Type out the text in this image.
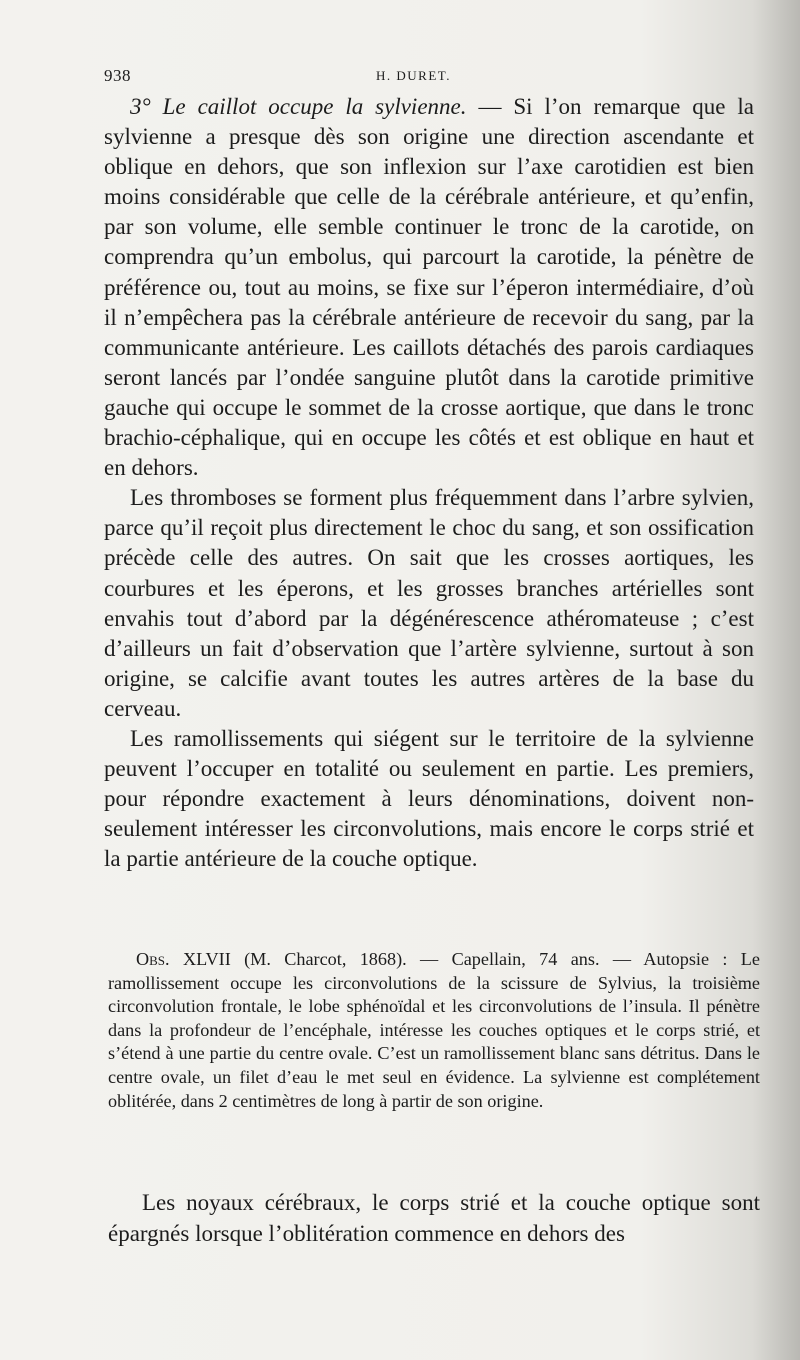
938	H. DURET.

3° Le caillot occupe la sylvienne. — Si l’on remarque que la sylvienne a presque dès son origine une direction ascendante et oblique en dehors, que son inflexion sur l’axe carotidien est bien moins considérable que celle de la cérébrale antérieure, et qu’enfin, par son volume, elle semble continuer le tronc de la carotide, on comprendra qu’un embolus, qui parcourt la carotide, la pénètre de préférence ou, tout au moins, se fixe sur l’éperon intermédiaire, d’où il n’empêchera pas la cérébrale antérieure de recevoir du sang, par la communicante antérieure. Les caillots détachés des parois cardiaques seront lancés par l’ondée sanguine plutôt dans la carotide primitive gauche qui occupe le sommet de la crosse aortique, que dans le tronc brachio-céphalique, qui en occupe les côtés et est oblique en haut et en dehors.

Les thromboses se forment plus fréquemment dans l’arbre sylvien, parce qu’il reçoit plus directement le choc du sang, et son ossification précède celle des autres. On sait que les crosses aortiques, les courbures et les éperons, et les grosses branches artérielles sont envahis tout d’abord par la dégénérescence athéromateuse ; c’est d’ailleurs un fait d’observation que l’artère sylvienne, surtout à son origine, se calcifie avant toutes les autres artères de la base du cerveau.

Les ramollissements qui siégent sur le territoire de la sylvienne peuvent l’occuper en totalité ou seulement en partie. Les premiers, pour répondre exactement à leurs dénominations, doivent non-seulement intéresser les circonvolutions, mais encore le corps strié et la partie antérieure de la couche optique.

Obs. XLVII (M. Charcot, 1868). — Capellain, 74 ans. — Autopsie : Le ramollissement occupe les circonvolutions de la scissure de Sylvius, la troisième circonvolution frontale, le lobe sphénoïdal et les circonvolutions de l’insula. Il pénètre dans la profondeur de l’encéphale, intéresse les couches optiques et le corps strié, et s’étend à une partie du centre ovale. C’est un ramollissement blanc sans détritus. Dans le centre ovale, un filet d’eau le met seul en évidence. La sylvienne est complétement oblitérée, dans 2 centimètres de long à partir de son origine.

Les noyaux cérébraux, le corps strié et la couche optique sont épargnés lorsque l’oblitération commence en dehors des
